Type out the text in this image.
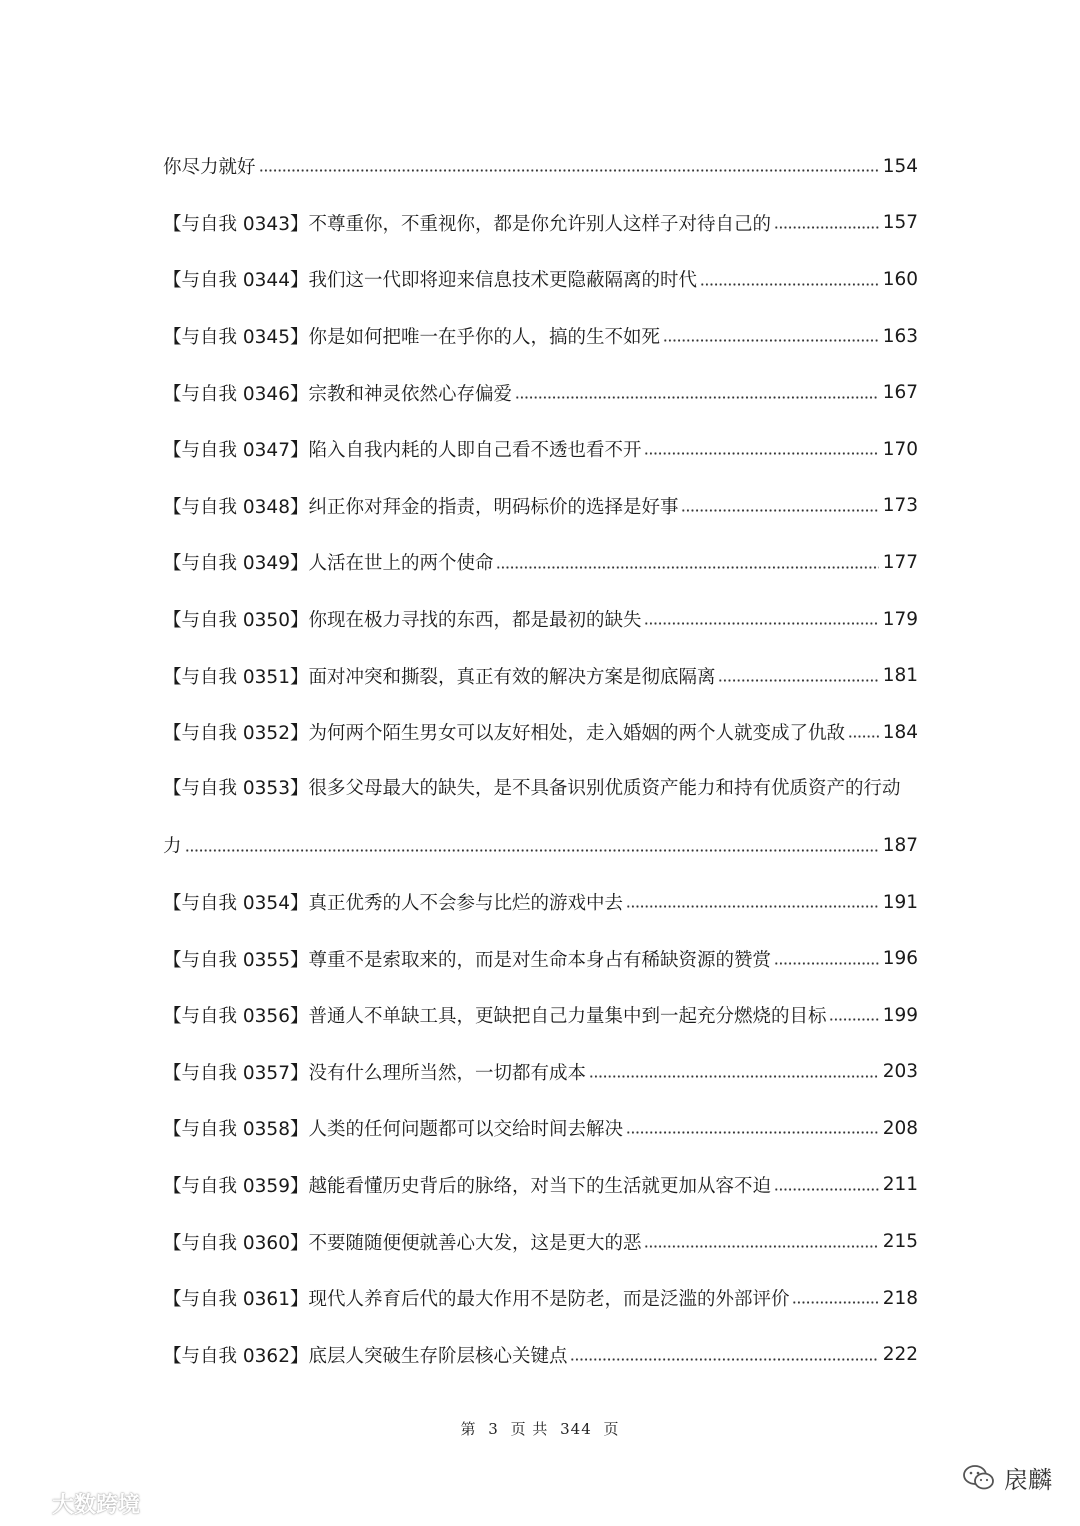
你尽力就好	154
【与自我 0343】不尊重你，不重视你，都是你允许别人这样子对待自己的	157
【与自我 0344】我们这一代即将迎来信息技术更隐蔽隔离的时代	160
【与自我 0345】你是如何把唯一在乎你的人，搞的生不如死	163
【与自我 0346】宗教和神灵依然心存偏爱	167
【与自我 0347】陷入自我内耗的人即自己看不透也看不开	170
【与自我 0348】纠正你对拜金的指责，明码标价的选择是好事	173
【与自我 0349】人活在世上的两个使命	177
【与自我 0350】你现在极力寻找的东西，都是最初的缺失	179
【与自我 0351】面对冲突和撕裂，真正有效的解决方案是彻底隔离	181
【与自我 0352】为何两个陌生男女可以友好相处，走入婚姻的两个人就变成了仇敌 184
【与自我 0353】很多父母最大的缺失，是不具备识别优质资产能力和持有优质资产的行动
力	187
【与自我 0354】真正优秀的人不会参与比烂的游戏中去	191
【与自我 0355】尊重不是索取来的，而是对生命本身占有稀缺资源的赞赏	196
【与自我 0356】普通人不单缺工具，更缺把自己力量集中到一起充分燃烧的目标	199
【与自我 0357】没有什么理所当然，一切都有成本	203
【与自我 0358】人类的任何问题都可以交给时间去解决	208
【与自我 0359】越能看懂历史背后的脉络，对当下的生活就更加从容不迫	211
【与自我 0360】不要随随便便就善心大发，这是更大的恶	215
【与自我 0361】现代人养育后代的最大作用不是防老，而是泛滥的外部评价	218
【与自我 0362】底层人突破生存阶层核心关键点	222
第 3 页 共 344 页
大数跨境
扆麟
